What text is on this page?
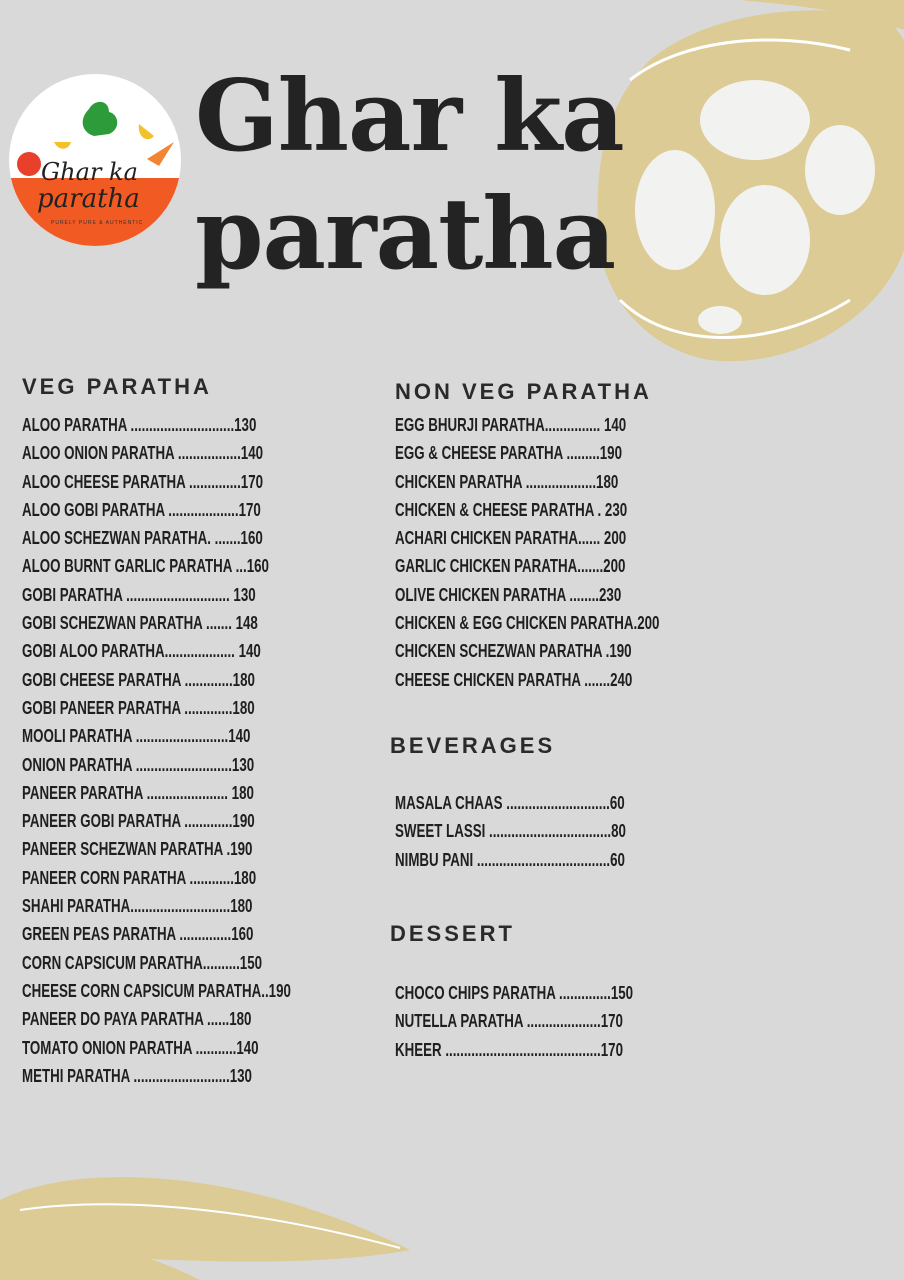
Ghar ka
paratha
PURELY PURE & AUTHENTIC
Ghar ka
paratha
VEG PARATHA
ALOO PARATHA ............................130
ALOO ONION PARATHA .................140
ALOO CHEESE PARATHA ..............170
ALOO GOBI PARATHA ...................170
ALOO SCHEZWAN PARATHA. .......160
ALOO BURNT GARLIC PARATHA ...160
GOBI PARATHA ............................ 130
GOBI SCHEZWAN PARATHA ....... 148
GOBI ALOO PARATHA................... 140
GOBI CHEESE PARATHA .............180
GOBI PANEER PARATHA .............180
MOOLI PARATHA .........................140
ONION PARATHA ..........................130
PANEER PARATHA ...................... 180
PANEER GOBI PARATHA .............190
PANEER SCHEZWAN PARATHA .190
PANEER CORN PARATHA ............180
SHAHI PARATHA...........................180
GREEN PEAS PARATHA ..............160
CORN CAPSICUM PARATHA..........150
CHEESE CORN CAPSICUM PARATHA..190
PANEER DO PAYA PARATHA ......180
TOMATO ONION PARATHA ...........140
METHI PARATHA ..........................130
NON VEG PARATHA
EGG BHURJI PARATHA............... 140
EGG & CHEESE PARATHA .........190
CHICKEN PARATHA ...................180
CHICKEN & CHEESE PARATHA . 230
ACHARI CHICKEN PARATHA...... 200
GARLIC CHICKEN PARATHA.......200
OLIVE CHICKEN PARATHA ........230
CHICKEN & EGG CHICKEN PARATHA.200
CHICKEN SCHEZWAN PARATHA .190
CHEESE CHICKEN PARATHA .......240
BEVERAGES
MASALA CHAAS ............................60
SWEET LASSI .................................80
NIMBU PANI ....................................60
DESSERT
CHOCO CHIPS PARATHA ..............150
NUTELLA PARATHA ....................170
KHEER ..........................................170
